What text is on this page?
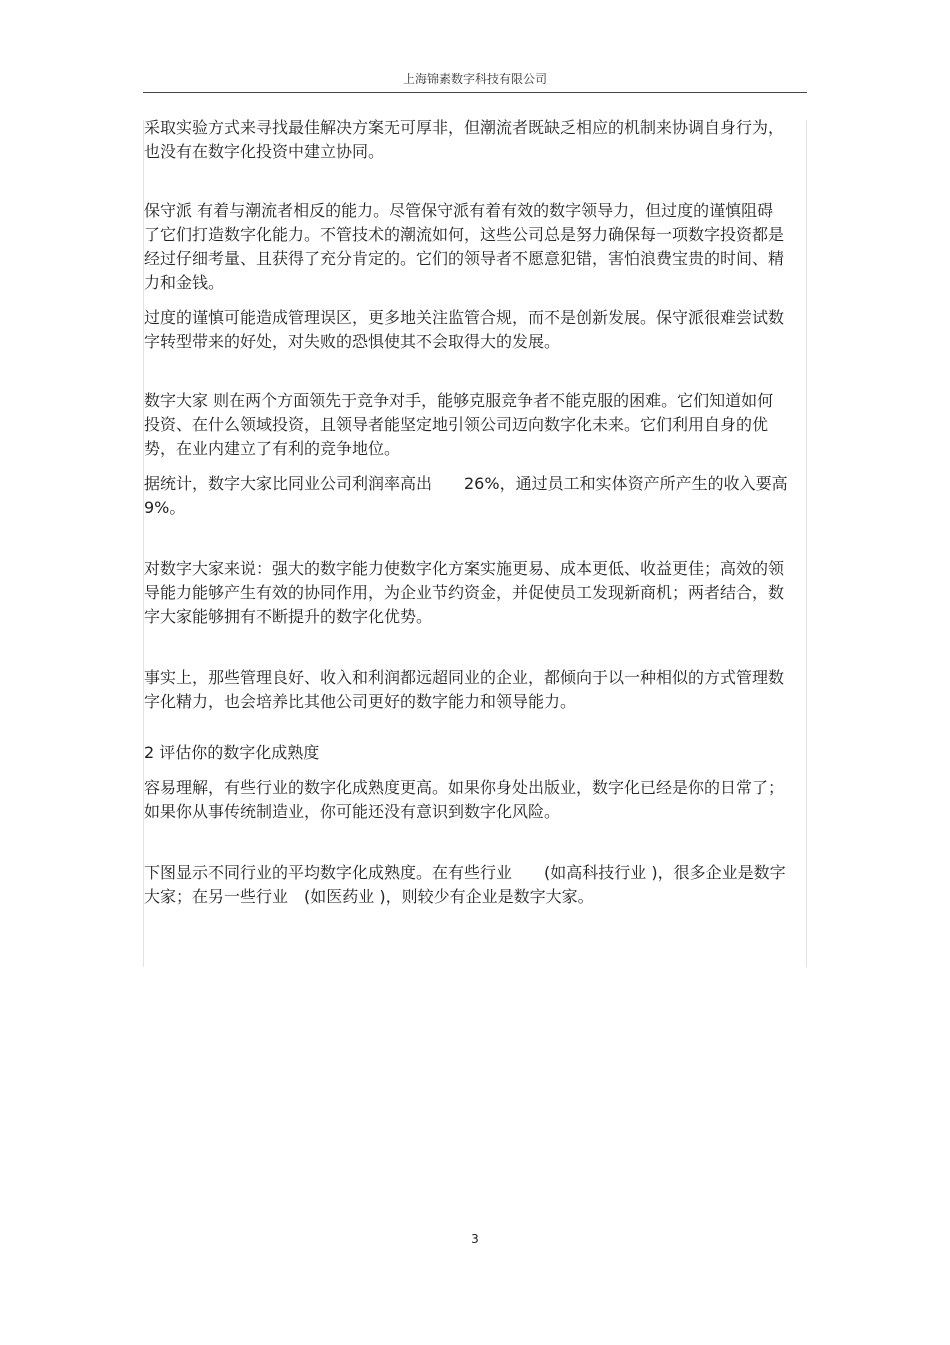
上海锦素数字科技有限公司

采取实验方式来寻找最佳解决方案无可厚非，但潮流者既缺乏相应的机制来协调自身行为，也没有在数字化投资中建立协同。

保守派 有着与潮流者相反的能力。尽管保守派有着有效的数字领导力，但过度的谨慎阻碍了它们打造数字化能力。不管技术的潮流如何，这些公司总是努力确保每一项数字投资都是经过仔细考量、且获得了充分肯定的。它们的领导者不愿意犯错，害怕浪费宝贵的时间、精力和金钱。

过度的谨慎可能造成管理误区，更多地关注监管合规，而不是创新发展。保守派很难尝试数字转型带来的好处，对失败的恐惧使其不会取得大的发展。

数字大家 则在两个方面领先于竞争对手，能够克服竞争者不能克服的困难。它们知道如何投资、在什么领域投资，且领导者能坚定地引领公司迈向数字化未来。它们利用自身的优势，在业内建立了有利的竞争地位。

据统计，数字大家比同业公司利润率高出　　26%，通过员工和实体资产所产生的收入要高 9%。

对数字大家来说：强大的数字能力使数字化方案实施更易、成本更低、收益更佳；高效的领导能力能够产生有效的协同作用，为企业节约资金，并促使员工发现新商机；两者结合，数字大家能够拥有不断提升的数字化优势。

事实上，那些管理良好、收入和利润都远超同业的企业，都倾向于以一种相似的方式管理数字化精力，也会培养比其他公司更好的数字能力和领导能力。

2 评估你的数字化成熟度

容易理解，有些行业的数字化成熟度更高。如果你身处出版业，数字化已经是你的日常了；如果你从事传统制造业，你可能还没有意识到数字化风险。

下图显示不同行业的平均数字化成熟度。在有些行业　　(如高科技行业 )，很多企业是数字大家；在另一些行业　(如医药业 )，则较少有企业是数字大家。

3
